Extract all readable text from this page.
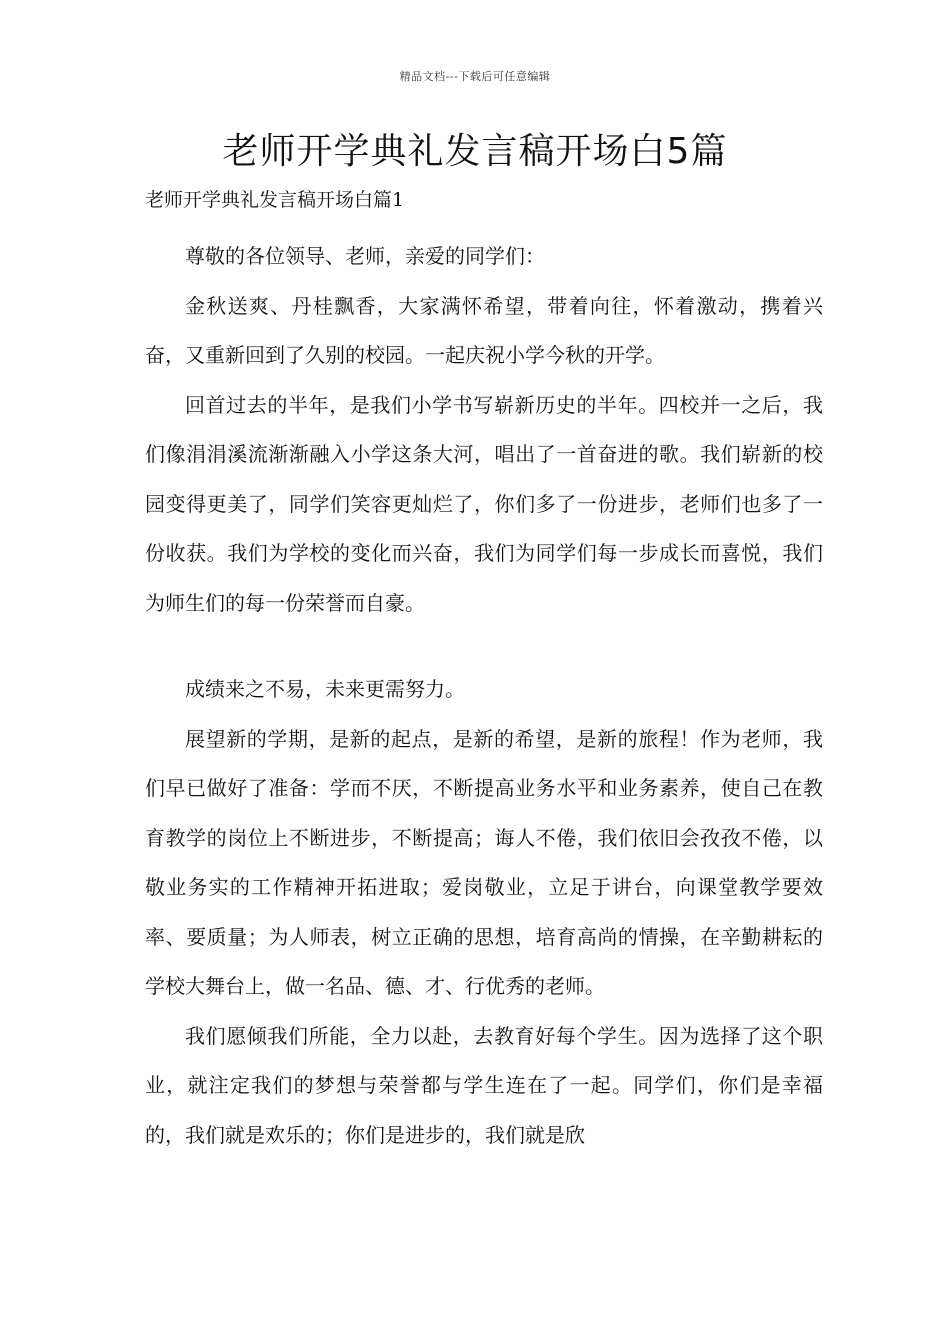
精品文档---下载后可任意编辑
老师开学典礼发言稿开场白5篇
老师开学典礼发言稿开场白篇1

尊敬的各位领导、老师，亲爱的同学们：

金秋送爽、丹桂飘香，大家满怀希望，带着向往，怀着激动，携着兴奋，又重新回到了久别的校园。一起庆祝小学今秋的开学。

回首过去的半年，是我们小学书写崭新历史的半年。四校并一之后，我们像涓涓溪流渐渐融入小学这条大河，唱出了一首奋进的歌。我们崭新的校园变得更美了，同学们笑容更灿烂了，你们多了一份进步，老师们也多了一份收获。我们为学校的变化而兴奋，我们为同学们每一步成长而喜悦，我们为师生们的每一份荣誉而自豪。

成绩来之不易，未来更需努力。

展望新的学期，是新的起点，是新的希望，是新的旅程！作为老师，我们早已做好了准备：学而不厌，不断提高业务水平和业务素养，使自己在教育教学的岗位上不断进步，不断提高；诲人不倦，我们依旧会孜孜不倦，以敬业务实的工作精神开拓进取；爱岗敬业，立足于讲台，向课堂教学要效率、要质量；为人师表，树立正确的思想，培育高尚的情操，在辛勤耕耘的学校大舞台上，做一名品、德、才、行优秀的老师。

我们愿倾我们所能，全力以赴，去教育好每个学生。因为选择了这个职业，就注定我们的梦想与荣誉都与学生连在了一起。同学们，你们是幸福的，我们就是欢乐的；你们是进步的，我们就是欣
